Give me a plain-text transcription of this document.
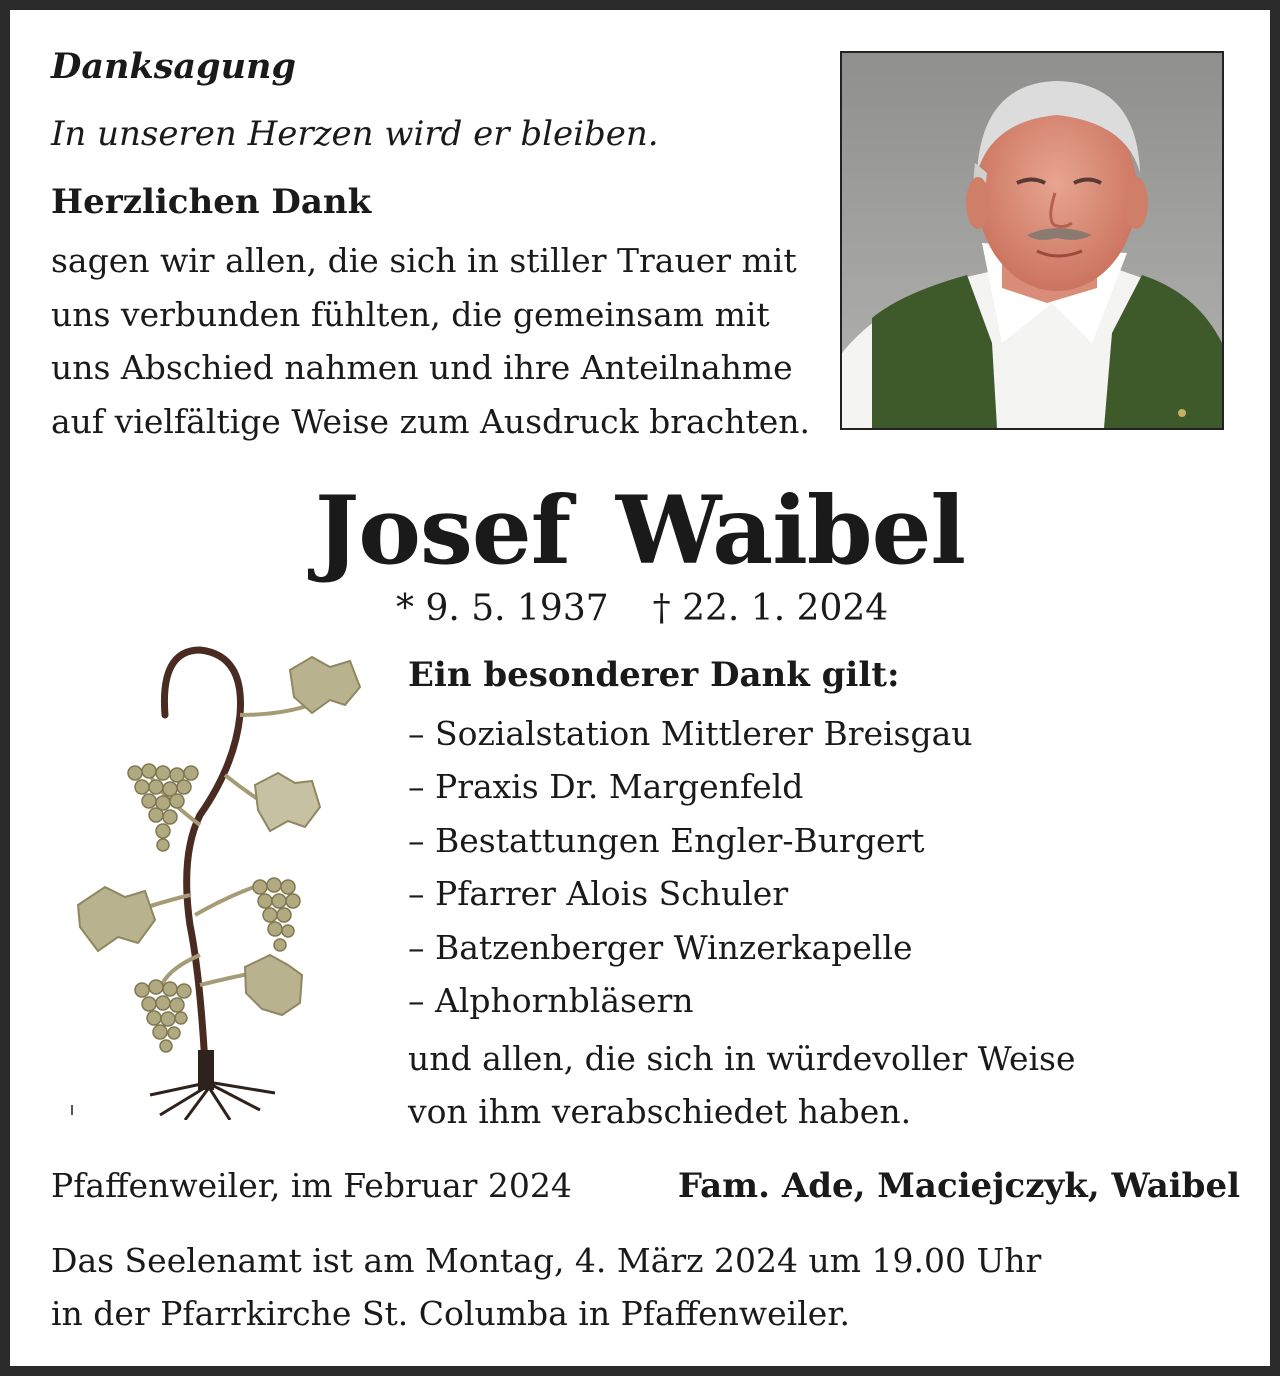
Danksagung

In unseren Herzen wird er bleiben.

Herzlichen Dank

sagen wir allen, die sich in stiller Trauer mit
uns verbunden fühlten, die gemeinsam mit
uns Abschied nahmen und ihre Anteilnahme
auf vielfältige Weise zum Ausdruck brachten.

Josef Waibel

* 9. 5. 1937 † 22. 1. 2024

Ein besonderer Dank gilt:

– Sozialstation Mittlerer Breisgau
– Praxis Dr. Margenfeld
– Bestattungen Engler-Burgert
– Pfarrer Alois Schuler
– Batzenberger Winzerkapelle
– Alphornbläsern

und allen, die sich in würdevoller Weise
von ihm verabschiedet haben.

Pfaffenweiler, im Februar 2024	Fam. Ade, Maciejczyk, Waibel

Das Seelenamt ist am Montag, 4. März 2024 um 19.00 Uhr
in der Pfarrkirche St. Columba in Pfaffenweiler.
